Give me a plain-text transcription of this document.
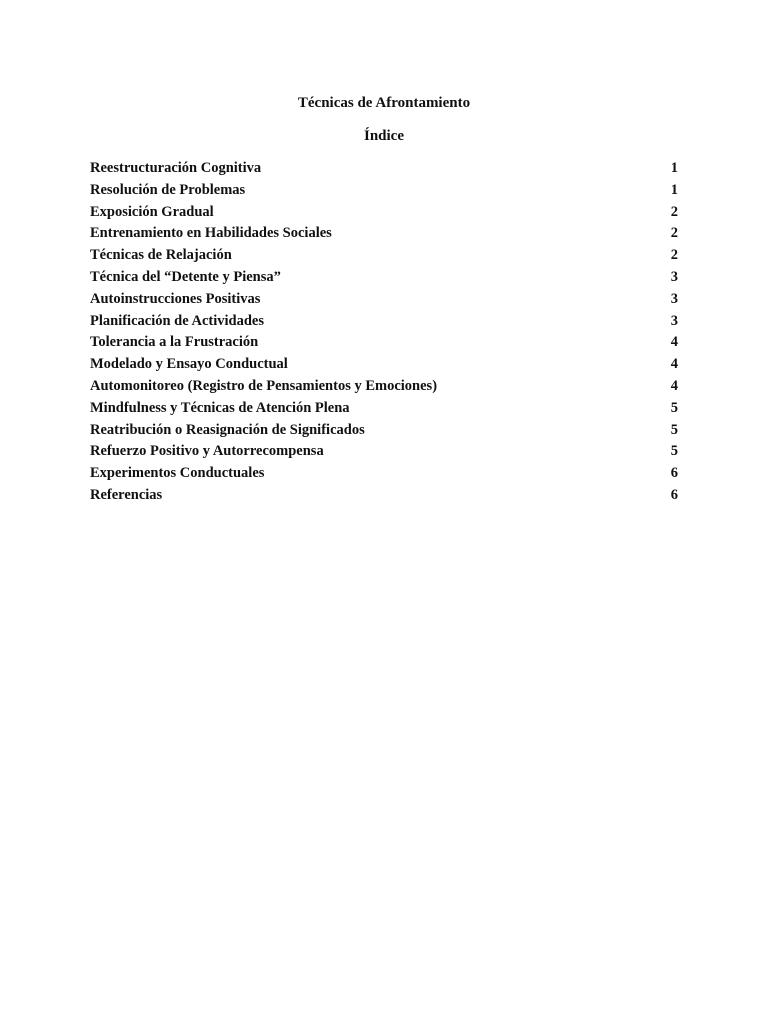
Técnicas de Afrontamiento
Índice
Reestructuración Cognitiva	1
Resolución de Problemas	1
Exposición Gradual	2
Entrenamiento en Habilidades Sociales	2
Técnicas de Relajación	2
Técnica del “Detente y Piensa”	3
Autoinstrucciones Positivas	3
Planificación de Actividades	3
Tolerancia a la Frustración	4
Modelado y Ensayo Conductual	4
Automonitoreo (Registro de Pensamientos y Emociones)	4
Mindfulness y Técnicas de Atención Plena	5
Reatribución o Reasignación de Significados	5
Refuerzo Positivo y Autorrecompensa	5
Experimentos Conductuales	6
Referencias	6
